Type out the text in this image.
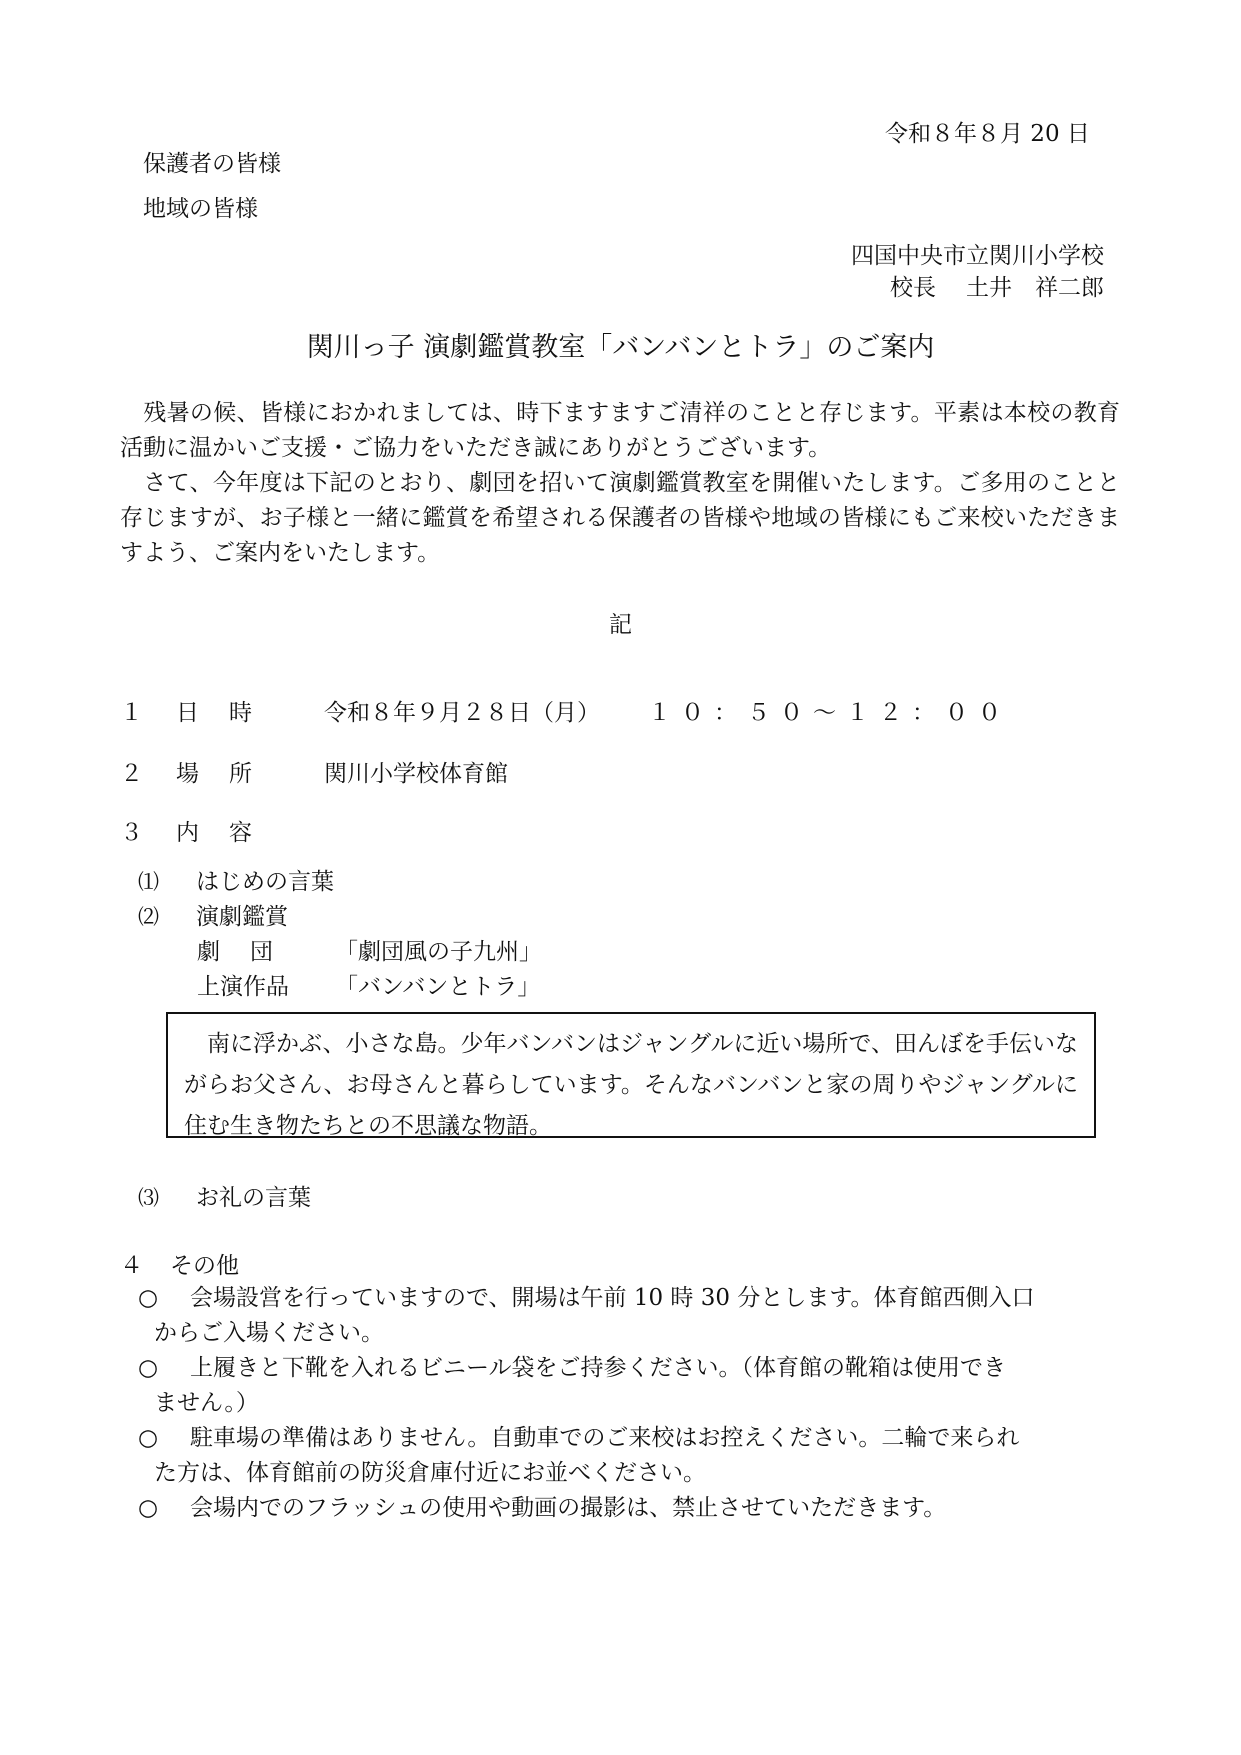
令和８年８月 20 日
保護者の皆様
地域の皆様
四国中央市立関川小学校
校長 土井　祥二郎
関川っ子 演劇鑑賞教室「バンバンとトラ」のご案内

　残暑の候、皆様におかれましては、時下ますますご清祥のことと存じます。平素は本校の教育活動に温かいご支援・ご協力をいただき誠にありがとうございます。

　さて、今年度は下記のとおり、劇団を招いて演劇鑑賞教室を開催いたします。ご多用のことと存じますが、お子様と一緒に鑑賞を希望される保護者の皆様や地域の皆様にもご来校いただきますよう、ご案内をいたします。

記
１ 日時 令和８年９月２８日（月） １０：５０～１２：００
２ 場所 関川小学校体育館
３ 内容
⑴ はじめの言葉
⑵ 演劇鑑賞
劇団 「劇団風の子九州」
上演作品 「バンバンとトラ」

南に浮かぶ、小さな島。少年バンバンはジャングルに近い場所で、田んぼを手伝いながらお父さん、お母さんと暮らしています。そんなバンバンと家の周りやジャングルに住む生き物たちとの不思議な物語。

⑶ お礼の言葉
４ その他
○ 会場設営を行っていますので、開場は午前 10 時 30 分とします。体育館西側入口
からご入場ください。
○ 上履きと下靴を入れるビニール袋をご持参ください。（体育館の靴箱は使用でき
ません。）
○ 駐車場の準備はありません。自動車でのご来校はお控えください。二輪で来られ
た方は、体育館前の防災倉庫付近にお並べください。
○ 会場内でのフラッシュの使用や動画の撮影は、禁止させていただきます。
